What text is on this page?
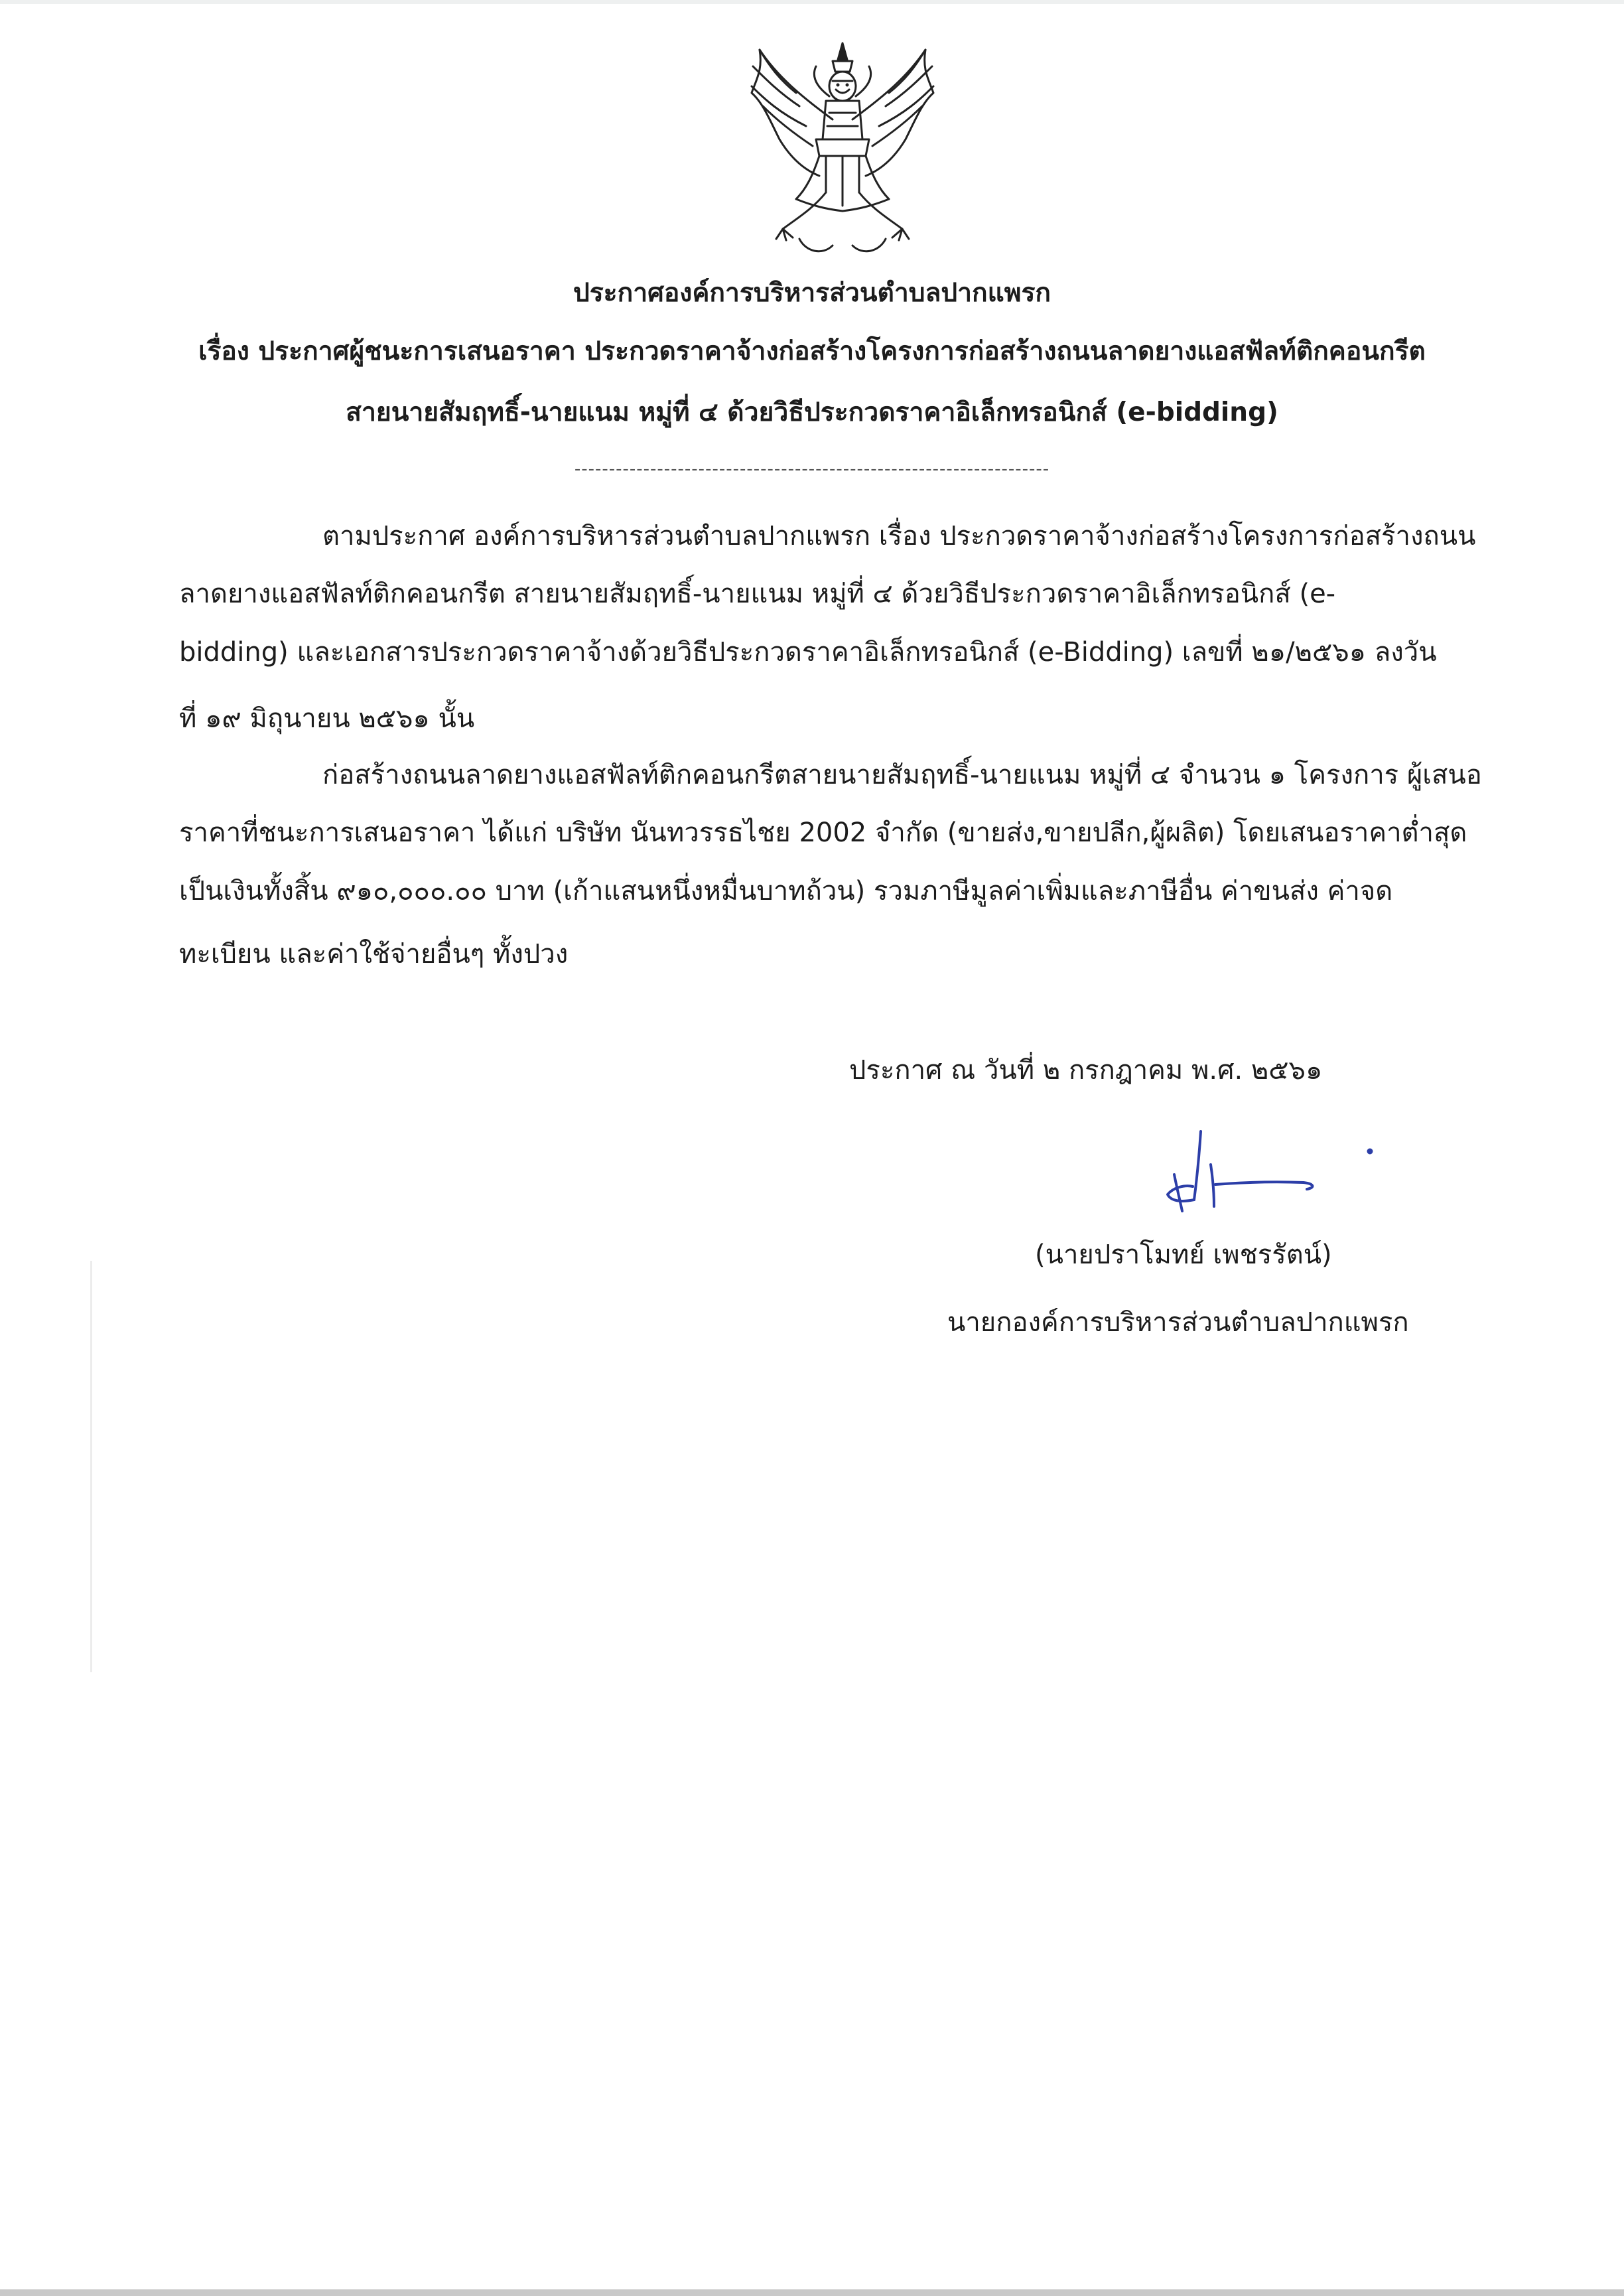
ประกาศองค์การบริหารส่วนตำบลปากแพรก
เรื่อง ประกาศผู้ชนะการเสนอราคา ประกวดราคาจ้างก่อสร้างโครงการก่อสร้างถนนลาดยางแอสฟัลท์ติกคอนกรีต
สายนายสัมฤทธิ์-นายแนม หมู่ที่ ๔ ด้วยวิธีประกวดราคาอิเล็กทรอนิกส์ (e-bidding)
---------------------------------------------------------------------
ตามประกาศ องค์การบริหารส่วนตำบลปากแพรก เรื่อง ประกวดราคาจ้างก่อสร้างโครงการก่อสร้างถนน
ลาดยางแอสฟัลท์ติกคอนกรีต สายนายสัมฤทธิ์-นายแนม หมู่ที่ ๔ ด้วยวิธีประกวดราคาอิเล็กทรอนิกส์ (e-
bidding) และเอกสารประกวดราคาจ้างด้วยวิธีประกวดราคาอิเล็กทรอนิกส์ (e-Bidding) เลขที่ ๒๑/๒๕๖๑ ลงวัน
ที่ ๑๙ มิถุนายน ๒๕๖๑ นั้น
ก่อสร้างถนนลาดยางแอสฟัลท์ติกคอนกรีตสายนายสัมฤทธิ์-นายแนม หมู่ที่ ๔ จำนวน ๑ โครงการ ผู้เสนอ
ราคาที่ชนะการเสนอราคา ได้แก่ บริษัท นันทวรรธไชย 2002 จำกัด (ขายส่ง,ขายปลีก,ผู้ผลิต) โดยเสนอราคาต่ำสุด
เป็นเงินทั้งสิ้น ๙๑๐,๐๐๐.๐๐ บาท (เก้าแสนหนึ่งหมื่นบาทถ้วน) รวมภาษีมูลค่าเพิ่มและภาษีอื่น ค่าขนส่ง ค่าจด
ทะเบียน และค่าใช้จ่ายอื่นๆ ทั้งปวง
ประกาศ ณ วันที่ ๒ กรกฎาคม พ.ศ. ๒๕๖๑
(นายปราโมทย์ เพชรรัตน์)
นายกองค์การบริหารส่วนตำบลปากแพรก
